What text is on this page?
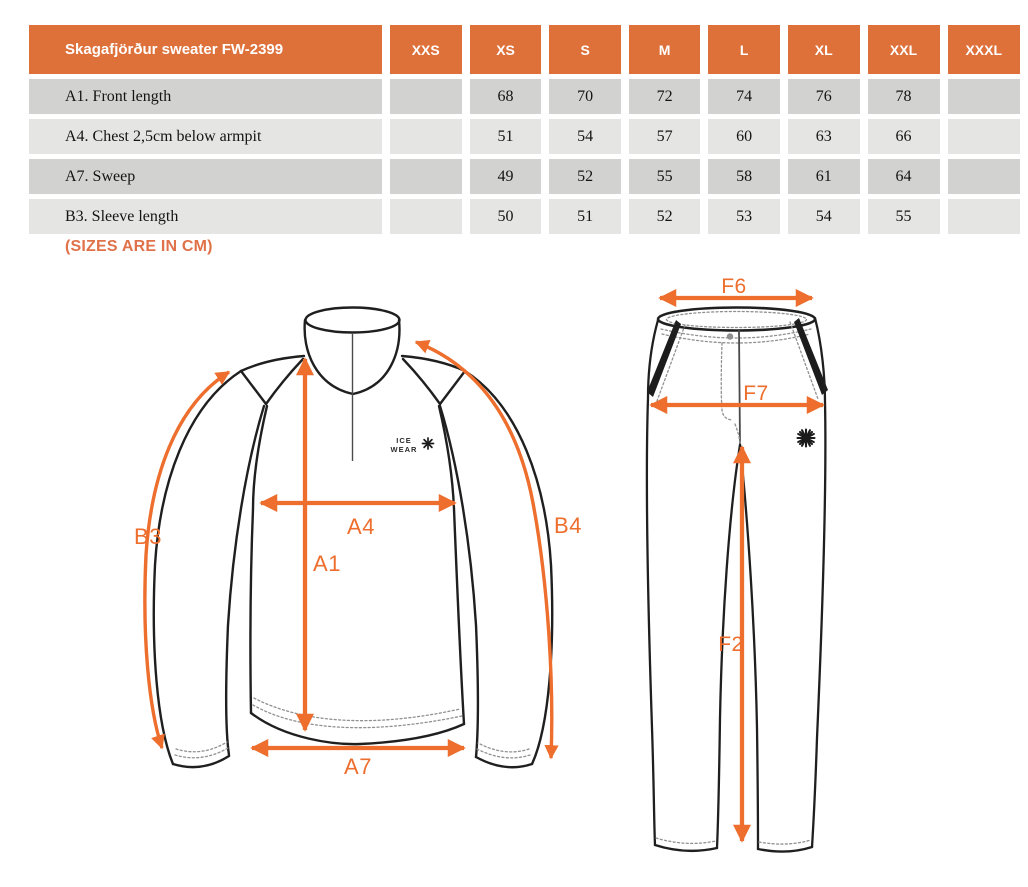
Skagafjörður sweater FW-2399	XXS	XS	S	M	L	XL	XXL	XXXL
A1. Front length		68	70	72	74	76	78	
A4. Chest 2,5cm below armpit		51	54	57	60	63	66	
A7. Sweep		49	52	55	58	61	64	
B3. Sleeve length		50	51	52	53	54	55	
(SIZES ARE IN CM)
ICE
WEAR
B3	A4
A1
A7
B4
F6
F7
F2
